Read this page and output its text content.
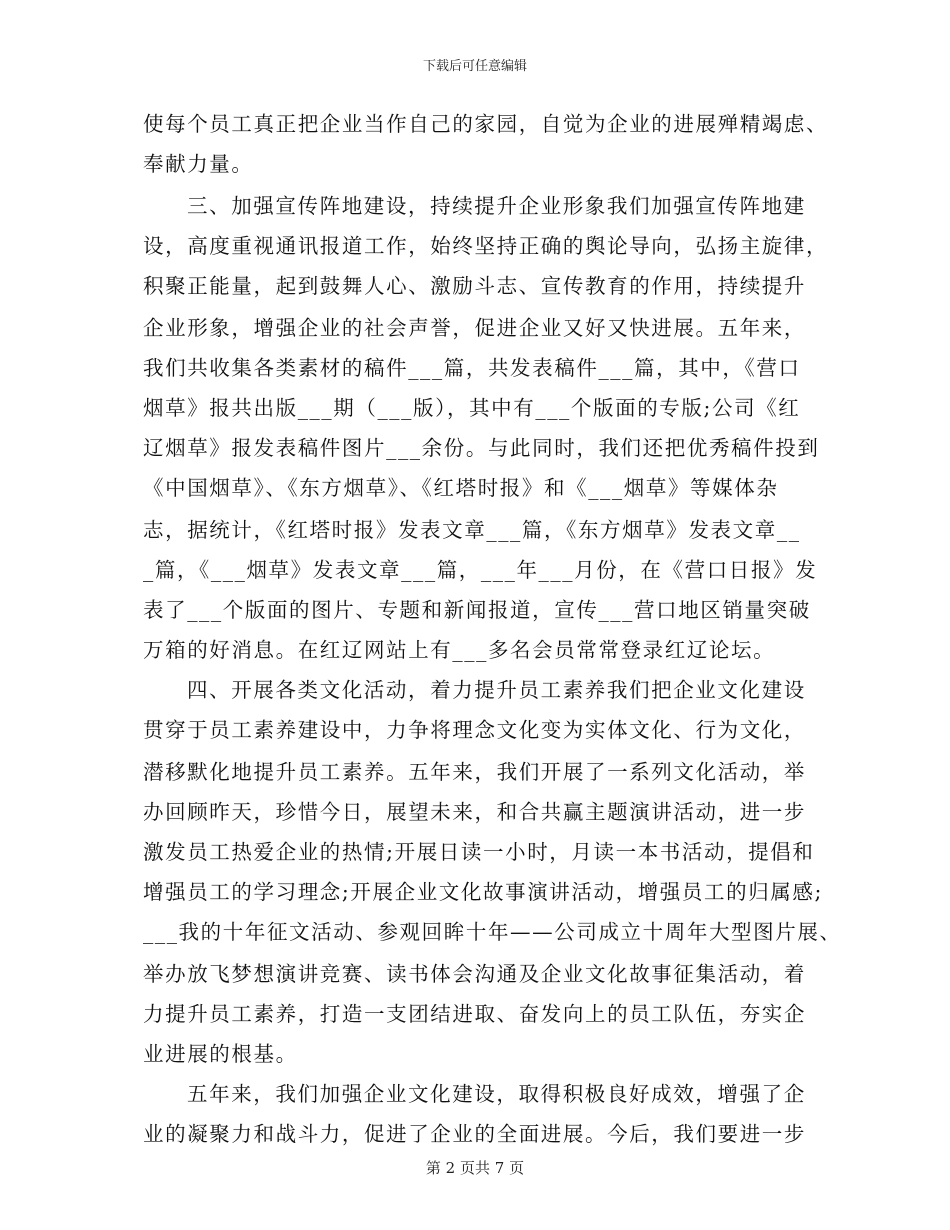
下载后可任意编辑
使每个员工真正把企业当作自己的家园，自觉为企业的进展殚精竭虑、
奉献力量。
三、加强宣传阵地建设，持续提升企业形象我们加强宣传阵地建
设，高度重视通讯报道工作，始终坚持正确的舆论导向，弘扬主旋律，
积聚正能量，起到鼓舞人心、激励斗志、宣传教育的作用，持续提升
企业形象，增强企业的社会声誉，促进企业又好又快进展。五年来，
我们共收集各类素材的稿件___篇，共发表稿件___篇，其中，《营口
烟草》报共出版___期（___版），其中有___个版面的专版;公司《红
辽烟草》报发表稿件图片___余份。与此同时，我们还把优秀稿件投到
《中国烟草》、《东方烟草》、《红塔时报》和《___烟草》等媒体杂
志，据统计，《红塔时报》发表文章___篇，《东方烟草》发表文章__
_篇，《___烟草》发表文章___篇，___年___月份，在《营口日报》发
表了___个版面的图片、专题和新闻报道，宣传___营口地区销量突破
万箱的好消息。在红辽网站上有___多名会员常常登录红辽论坛。
四、开展各类文化活动，着力提升员工素养我们把企业文化建设
贯穿于员工素养建设中，力争将理念文化变为实体文化、行为文化，
潜移默化地提升员工素养。五年来，我们开展了一系列文化活动，举
办回顾昨天，珍惜今日，展望未来，和合共赢主题演讲活动，进一步
激发员工热爱企业的热情;开展日读一小时，月读一本书活动，提倡和
增强员工的学习理念;开展企业文化故事演讲活动，增强员工的归属感;
___我的十年征文活动、参观回眸十年——公司成立十周年大型图片展、
举办放飞梦想演讲竞赛、读书体会沟通及企业文化故事征集活动，着
力提升员工素养，打造一支团结进取、奋发向上的员工队伍，夯实企
业进展的根基。
五年来，我们加强企业文化建设，取得积极良好成效，增强了企
业的凝聚力和战斗力，促进了企业的全面进展。今后，我们要进一步
第 2 页共 7 页
